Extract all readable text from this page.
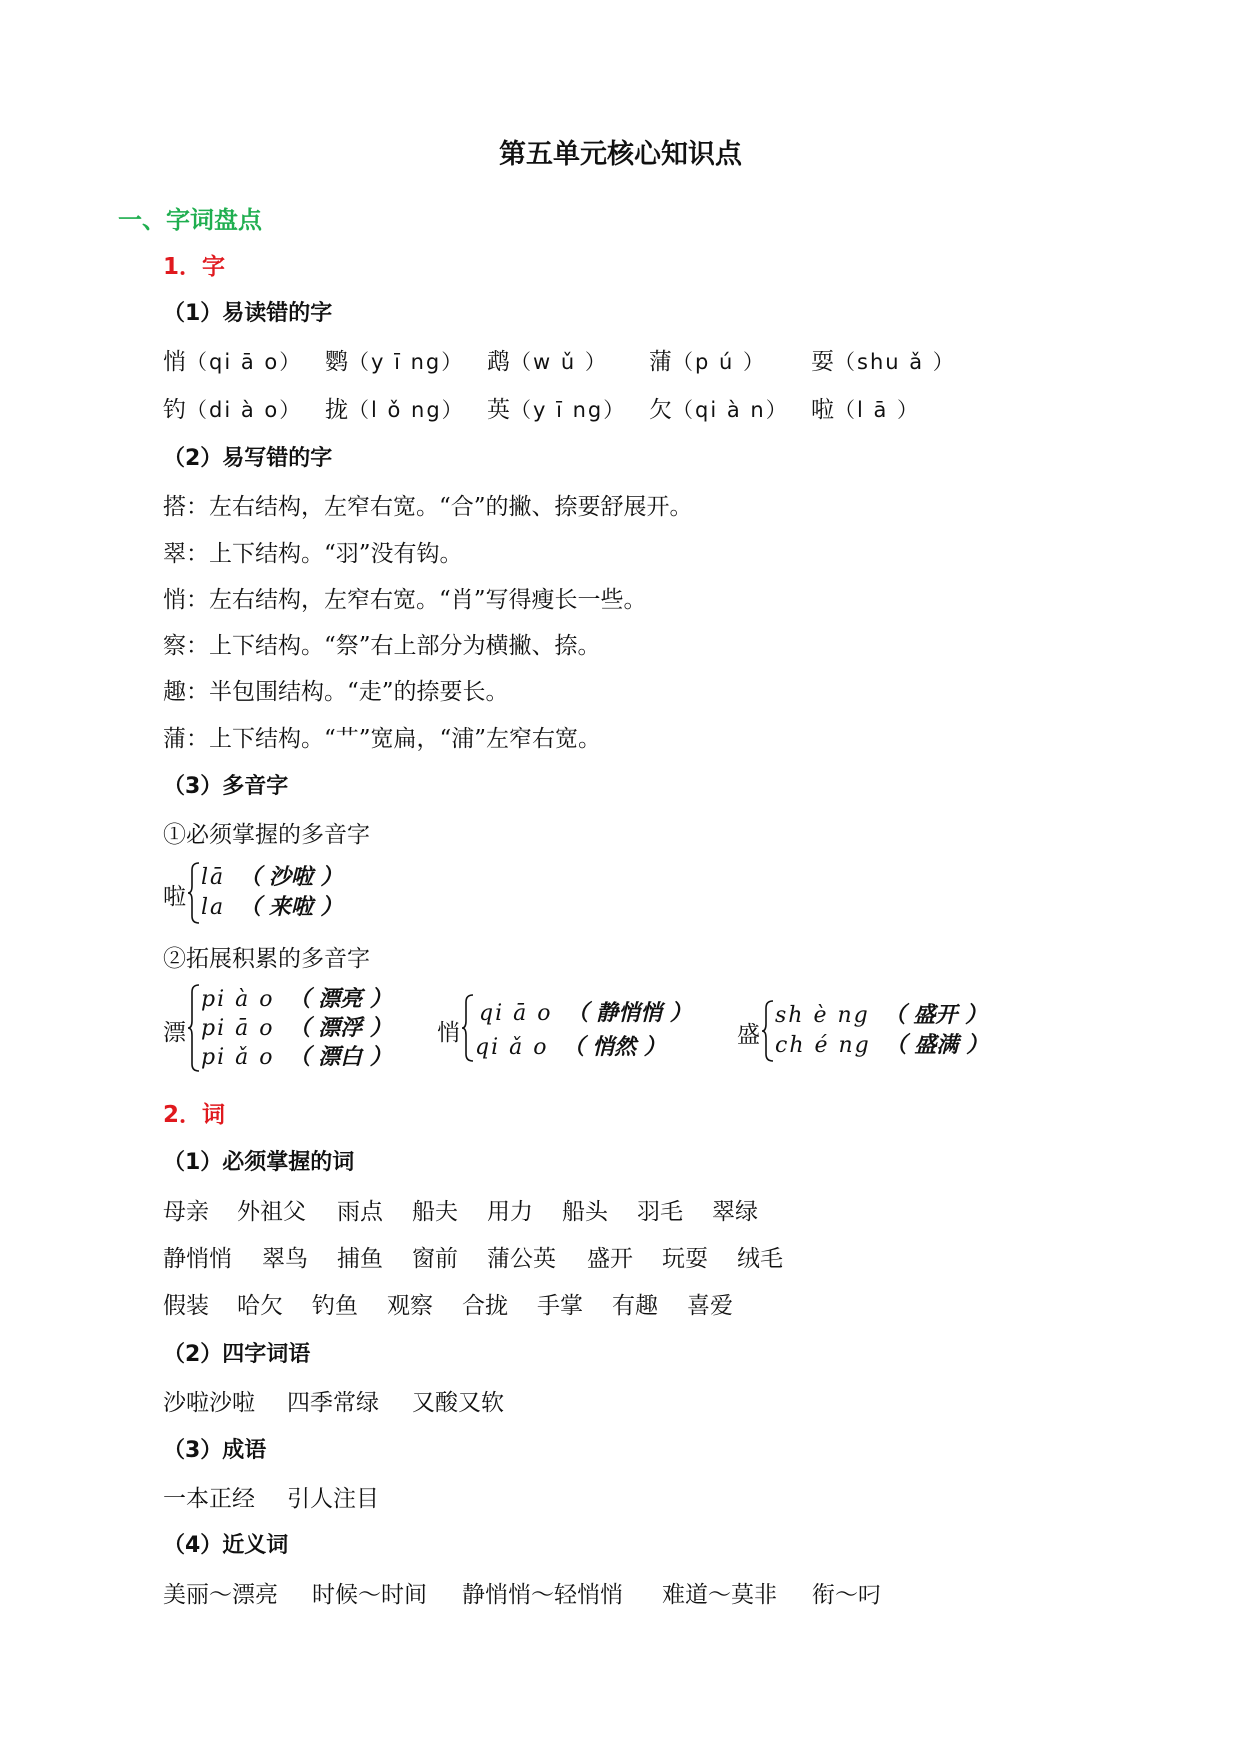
第五单元核心知识点
一、字词盘点
1．字
（1）易读错的字
悄（qi ā o） 鹦（y ī ng） 鹉（w ǔ ） 蒲（p ú ） 耍（shu ǎ ）
钓（di à o） 拢（l ǒ ng） 英（y ī ng） 欠（qi à n） 啦（l ā ）
（2）易写错的字
搭：左右结构，左窄右宽。“合”的撇、捺要舒展开。
翠：上下结构。“羽”没有钩。
悄：左右结构，左窄右宽。“肖”写得瘦长一些。
察：上下结构。“祭”右上部分为横撇、捺。
趣：半包围结构。“走”的捺要长。
蒲：上下结构。“艹”宽扁，“浦”左窄右宽。
（3）多音字
①必须掌握的多音字
啦
lā （ 沙啦 ）
la （ 来啦 ）
②拓展积累的多音字
漂
pi à o （ 漂亮 ）
pi ā o （ 漂浮 ）
pi ǎ o （ 漂白 ）
悄
qi ā o （ 静悄悄 ）
qi ǎ o （ 悄然 ）	盛
sh è ng （ 盛开 ）
ch é ng （ 盛满 ）
2．词
（1）必须掌握的词
母亲 外祖父 雨点 船夫 用力 船头 羽毛 翠绿
静悄悄 翠鸟 捕鱼 窗前 蒲公英 盛开 玩耍 绒毛
假装 哈欠 钓鱼 观察 合拢 手掌 有趣 喜爱
（2）四字词语
沙啦沙啦 四季常绿 又酸又软
（3）成语
一本正经 引人注目
（4）近义词
美丽～漂亮 时候～时间 静悄悄～轻悄悄 难道～莫非 衔～叼
